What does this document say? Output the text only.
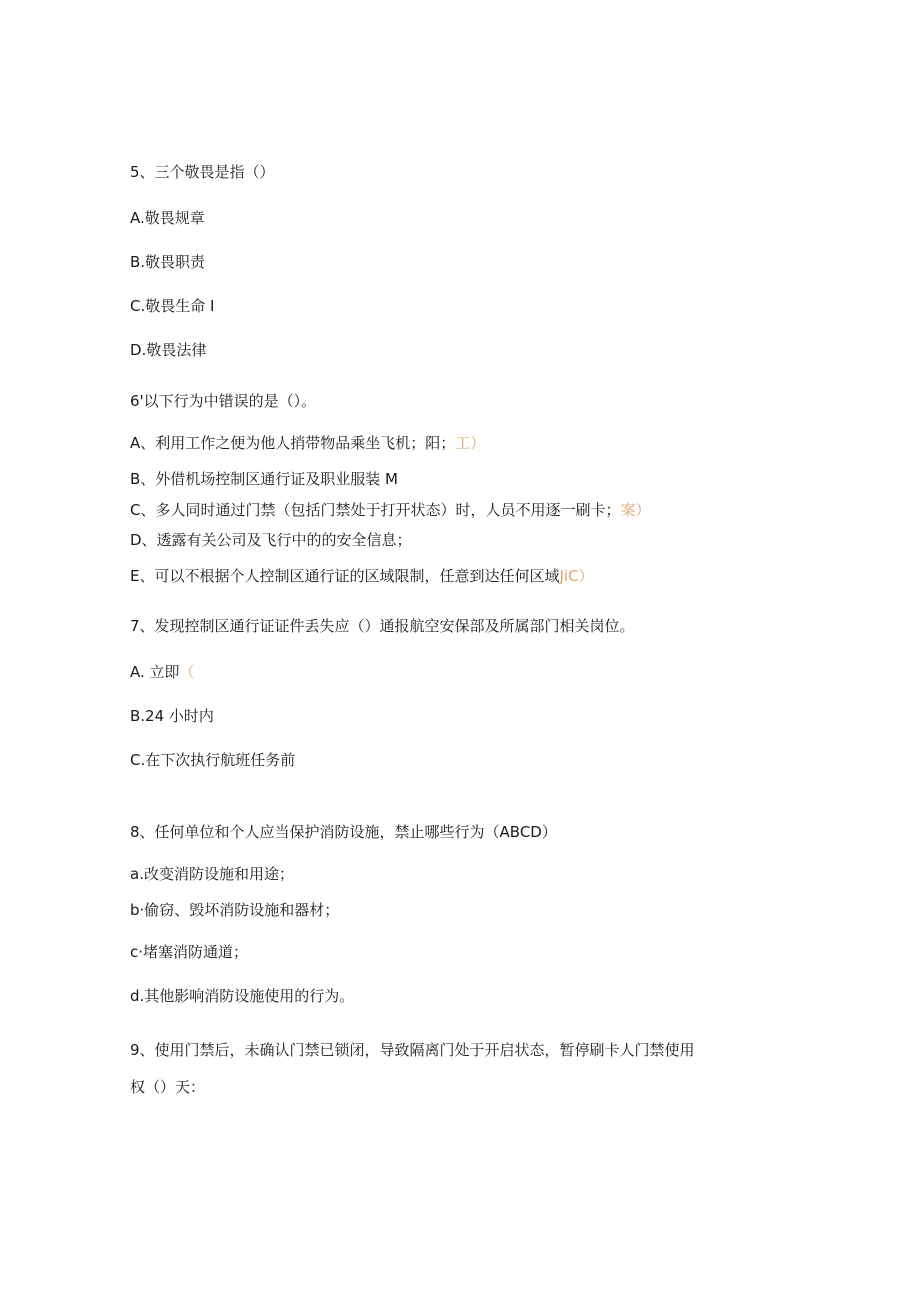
5、三个敬畏是指（）
A.敬畏规章
B.敬畏职责
C.敬畏生命 I
D.敬畏法律
6'以下行为中错误的是（）。
A、利用工作之便为他人捎带物品乘坐飞机；阳；工）
B、外借机场控制区通行证及职业服装 M
C、多人同时通过门禁（包括门禁处于打开状态）时，人员不用逐一刷卡；案）
D、透露有关公司及飞行中的的安全信息；
E、可以不根据个人控制区通行证的区域限制，任意到达任何区域JiC）
7、发现控制区通行证证件丢失应（）通报航空安保部及所属部门相关岗位。
A. 立即（
B.24 小时内
C.在下次执行航班任务前
8、任何单位和个人应当保护消防设施，禁止哪些行为（ABCD）
a.改变消防设施和用途；
b·偷窃、毁坏消防设施和器材；
c·堵塞消防通道；
d.其他影响消防设施使用的行为。
9、使用门禁后，未确认门禁已锁闭，导致隔离门处于开启状态，暂停刷卡人门禁使用
权（）天：
